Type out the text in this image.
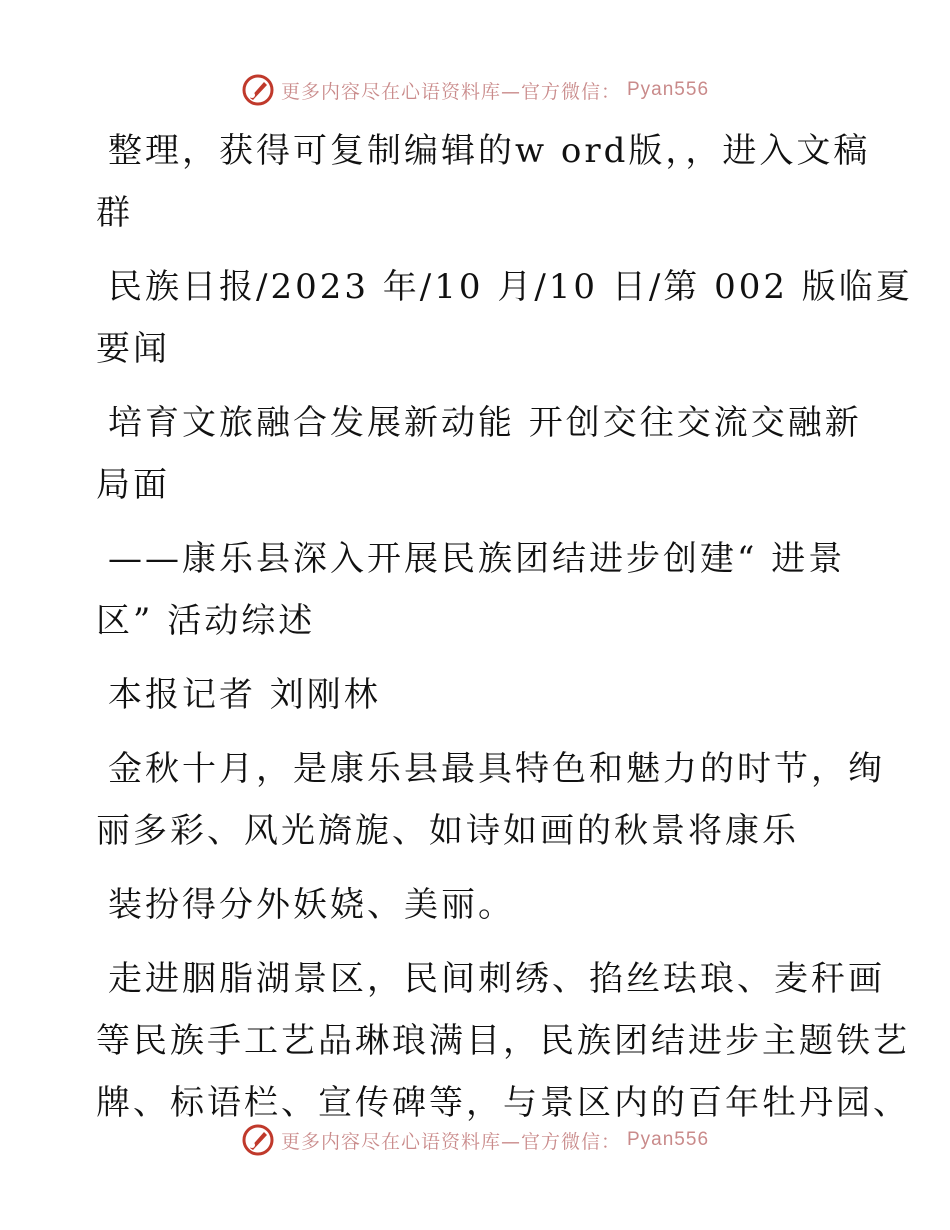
更多内容尽在心语资料库—官方微信： Pyan556
整理，获得可复制编辑的w ord版，，进入文稿
群
民族日报/2023 年/10 月/10 日/第 002 版临夏
要闻
培育文旅融合发展新动能 开创交往交流交融新
局面
——康乐县深入开展民族团结进步创建“ 进景
区” 活动综述
本报记者 刘刚林
金秋十月，是康乐县最具特色和魅力的时节，绚
丽多彩、风光旖旎、如诗如画的秋景将康乐
装扮得分外妖娆、美丽。
走进胭脂湖景区，民间刺绣、掐丝珐琅、麦秆画
等民族手工艺品琳琅满目，民族团结进步主题铁艺
牌、标语栏、宣传碑等，与景区内的百年牡丹园、
更多内容尽在心语资料库—官方微信： Pyan556
